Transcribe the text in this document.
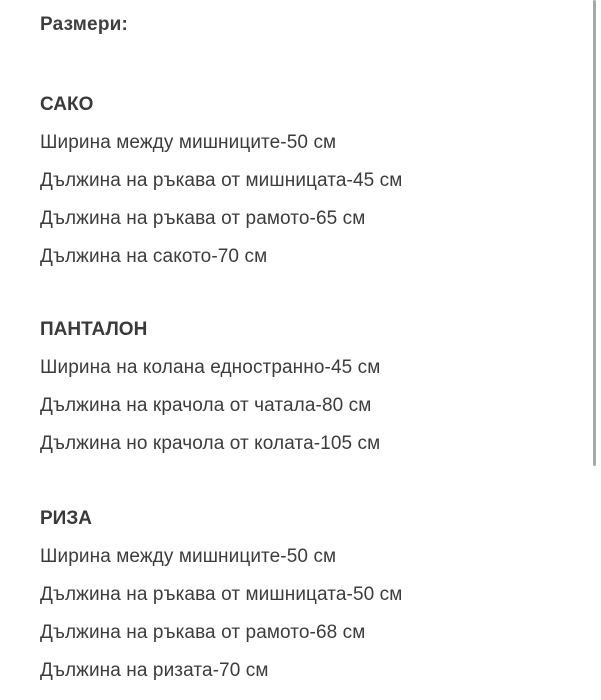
Размери:
САКО
Ширина между мишниците-50 см
Дължина на ръкава от мишницата-45 см
Дължина на ръкава от рамото-65 см
Дължина на сакото-70 см
ПАНТАЛОН
Ширина на колана едностранно-45 см
Дължина на крачола от чатала-80 см
Дължина но крачола от колата-105 см
РИЗА
Ширина между мишниците-50 см
Дължина на ръкава от мишницата-50 см
Дължина на ръкава от рамото-68 см
Дължина на ризата-70 см
